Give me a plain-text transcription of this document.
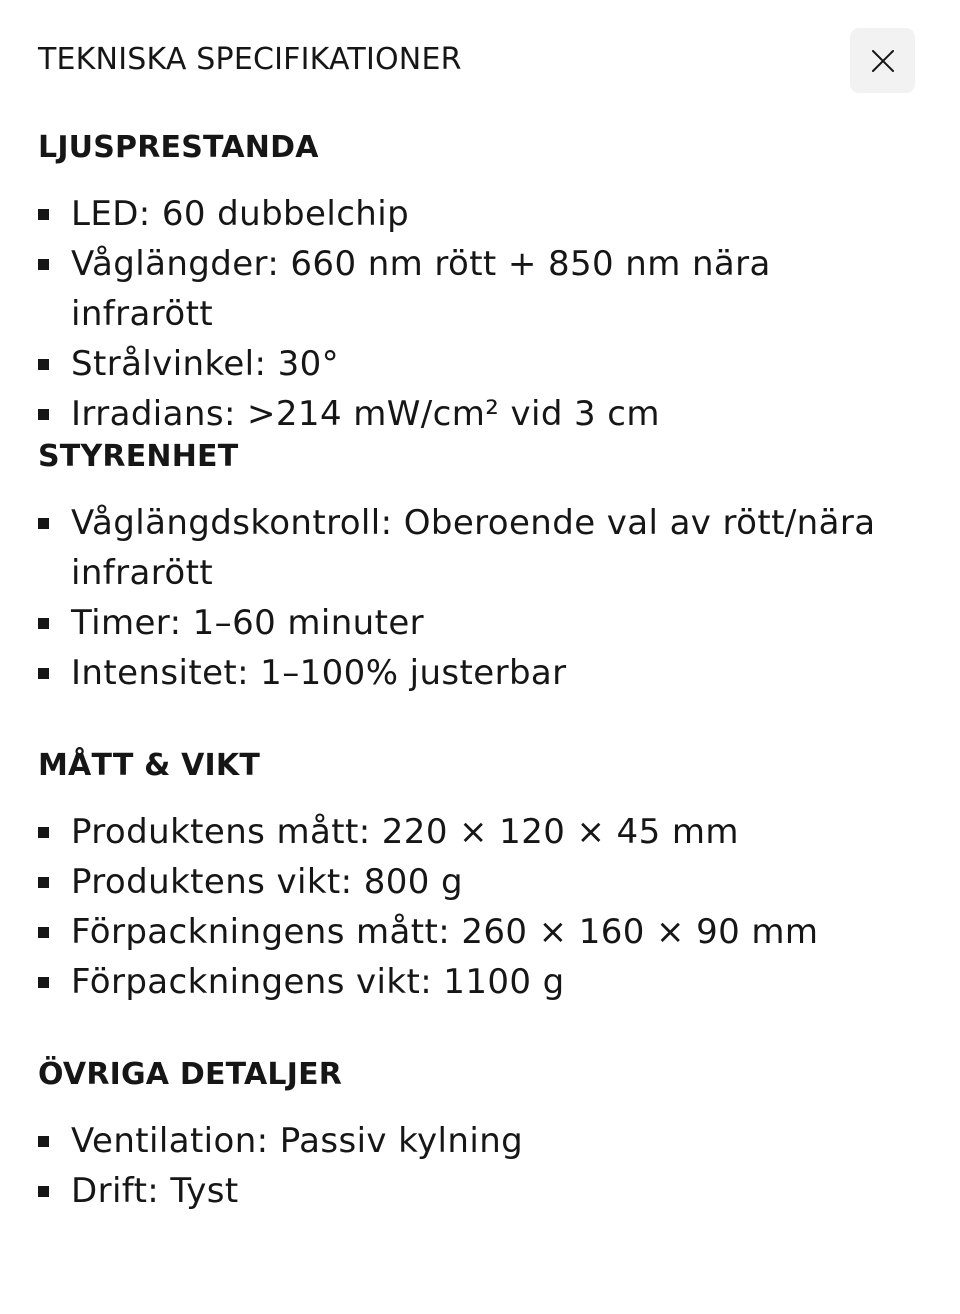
TEKNISKA SPECIFIKATIONER
LJUSPRESTANDA
LED: 60 dubbelchip
Våglängder: 660 nm rött + 850 nm nära infrarött
Strålvinkel: 30°
Irradians: >214 mW/cm² vid 3 cm
STYRENHET
Våglängdskontroll: Oberoende val av rött/nära infrarött
Timer: 1–60 minuter
Intensitet: 1–100% justerbar
MÅTT & VIKT
Produktens mått: 220 × 120 × 45 mm
Produktens vikt: 800 g
Förpackningens mått: 260 × 160 × 90 mm
Förpackningens vikt: 1100 g
ÖVRIGA DETALJER
Ventilation: Passiv kylning
Drift: Tyst
